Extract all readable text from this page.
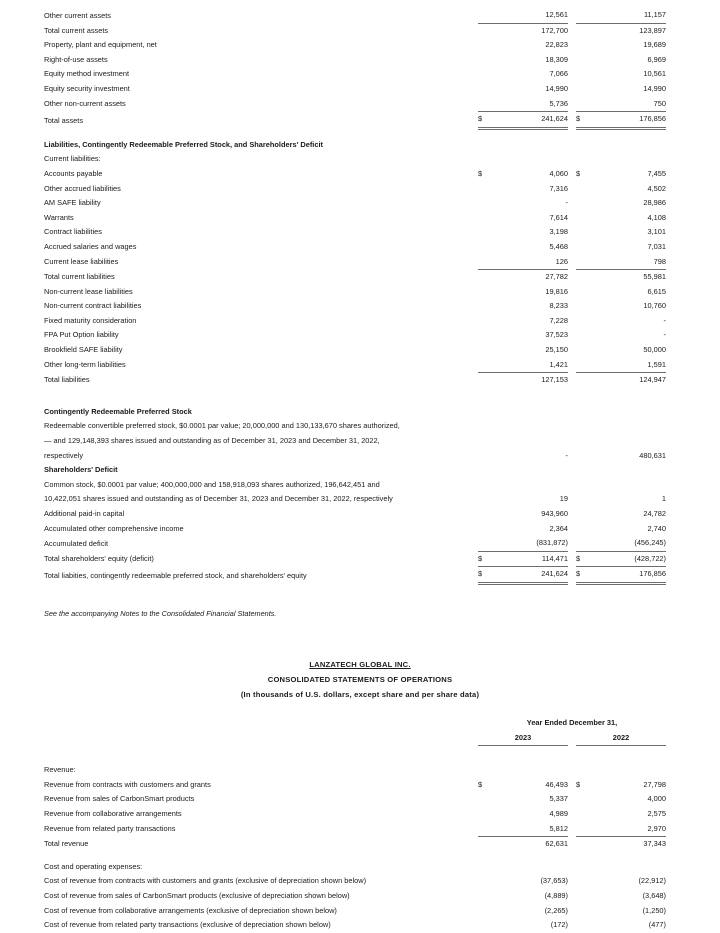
Other current assets		12,561			11,157	
Total current assets		172,700			123,897	
Property, plant and equipment, net		22,823			19,689	
Right-of-use assets		18,309			6,969	
Equity method investment		7,066			10,561	
Equity security investment		14,990			14,990	
Other non-current assets		5,736			750	
Total assets	$	241,624		$	176,856	

Liabilities, Contingently Redeemable Preferred Stock, and Shareholders' Deficit						
Current liabilities:						
Accounts payable	$	4,060		$	7,455	
Other accrued liabilities		7,316			4,502	
AM SAFE liability		-			28,986	
Warrants		7,614			4,108	
Contract liabilities		3,198			3,101	
Accrued salaries and wages		5,468			7,031	
Current lease liabilities		126			798	
Total current liabilities		27,782			55,981	
Non-current lease liabilities		19,816			6,615	
Non-current contract liabilities		8,233			10,760	
Fixed maturity consideration		7,228			-	
FPA Put Option liability		37,523			-	
Brookfield SAFE liability		25,150			50,000	
Other long-term liabilities		1,421			1,591	
Total liabilities		127,153			124,947	

Contingently Redeemable Preferred Stock						
Redeemable convertible preferred stock, $0.0001 par value; 20,000,000 and 130,133,670 shares authorized,						
— and 129,148,393 shares issued and outstanding as of December 31, 2023 and December 31, 2022,						
respectively		-			480,631	
Shareholders' Deficit						
Common stock, $0.0001 par value; 400,000,000 and 158,918,093 shares authorized, 196,642,451 and						
10,422,051 shares issued and outstanding as of December 31, 2023 and December 31, 2022, respectively		19			1	
Additional paid-in capital		943,960			24,782	
Accumulated other comprehensive income		2,364			2,740	
Accumulated deficit		(831,872)			(456,245)	
Total shareholders' equity (deficit)	$	114,471		$	(428,722)	
Total liabities, contingently redeemable preferred stock, and shareholders' equity	$	241,624		$	176,856	
See the accompanying Notes to the Consolidated Financial Statements.
LANZATECH GLOBAL INC.
CONSOLIDATED STATEMENTS OF OPERATIONS
(In thousands of U.S. dollars, except share and per share data)
	Year Ended December 31,					
	2023			2022		

Revenue:						
Revenue from contracts with customers and grants	$	46,493		$	27,798	
Revenue from sales of CarbonSmart products		5,337			4,000	
Revenue from collaborative arrangements		4,989			2,575	
Revenue from related party transactions		5,812			2,970	
Total revenue		62,631			37,343	

Cost and operating expenses:						
Cost of revenue from contracts with customers and grants (exclusive of depreciation shown below)		(37,653)			(22,912)	
Cost of revenue from sales of CarbonSmart products (exclusive of depreciation shown below)		(4,889)			(3,648)	
Cost of revenue from collaborative arrangements (exclusive of depreciation shown below)		(2,265)			(1,250)	
Cost of revenue from related party transactions (exclusive of depreciation shown below)		(172)			(477)	
